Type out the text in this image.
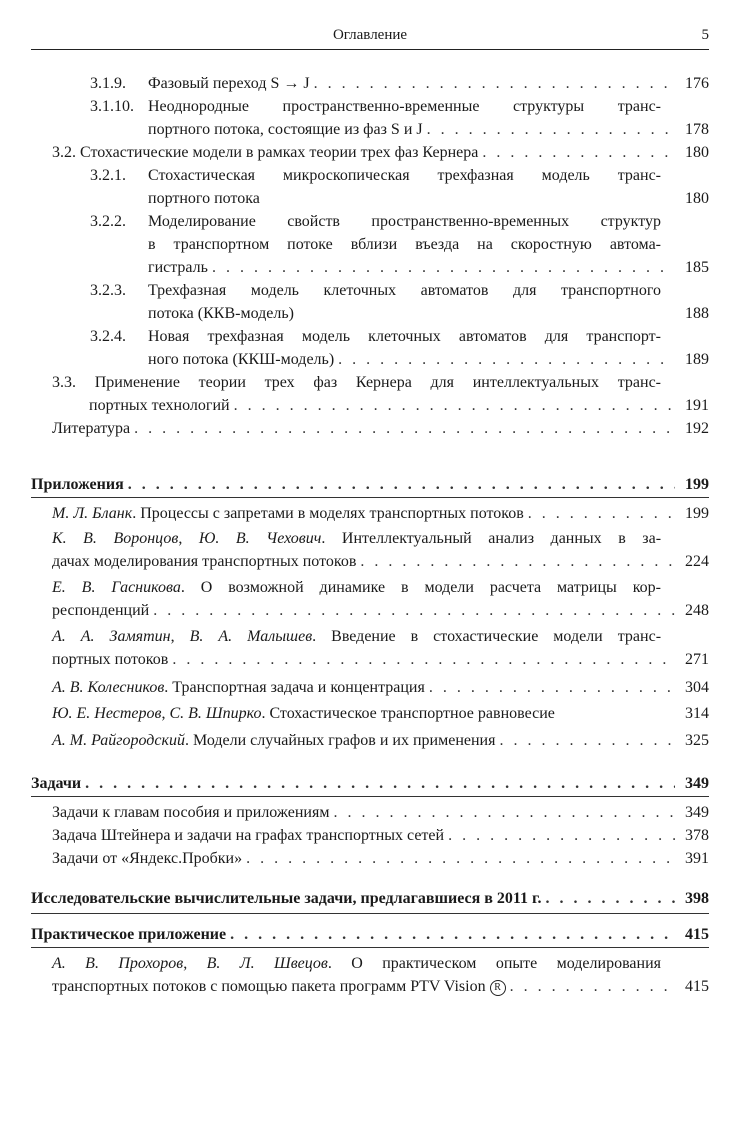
Оглавление	5
3.1.9. Фазовый переход S → J . . .	176
3.1.10. Неоднородные пространственно-временные структуры транс-
портного потока, состоящие из фаз S и J . . .	178
3.2. Стохастические модели в рамках теории трех фаз Кернера . . .	180
3.2.1. Стохастическая микроскопическая трехфазная модель транс-
портного потока	180
3.2.2. Моделирование свойств пространственно-временных структур
в транспортном потоке вблизи въезда на скоростную автома-
гистраль . . .	185
3.2.3. Трехфазная модель клеточных автоматов для транспортного
потока (ККВ-модель)	188
3.2.4. Новая трехфазная модель клеточных автоматов для транспорт-
ного потока (ККШ-модель) . . .	189
3.3. Применение теории трех фаз Кернера для интеллектуальных транс-
портных технологий . . .	191
Литература . . .	192
Приложения . . .	199
М. Л. Бланк. Процессы с запретами в моделях транспортных потоков . . .	199
К. В. Воронцов, Ю. В. Чехович. Интеллектуальный анализ данных в за-
дачах моделирования транспортных потоков . . .	224
Е. В. Гасникова. О возможной динамике в модели расчета матрицы кор-
респонденций . . .	248
А. А. Замятин, В. А. Малышев. Введение в стохастические модели транс-
портных потоков . . .	271
А. В. Колесников. Транспортная задача и концентрация . . .	304
Ю. Е. Нестеров, С. В. Шпирко. Стохастическое транспортное равновесие	314
А. М. Райгородский. Модели случайных графов и их применения . . .	325
Задачи . . .	349
Задачи к главам пособия и приложениям . . .	349
Задача Штейнера и задачи на графах транспортных сетей . . .	378
Задачи от «Яндекс.Пробки» . . .	391
Исследовательские вычислительные задачи, предлагавшиеся в 2011 г. . . .	398
Практическое приложение . . .	415
А. В. Прохоров, В. Л. Швецов. О практическом опыте моделирования
транспортных потоков с помощью пакета программ PTV Vision R . . .	415
